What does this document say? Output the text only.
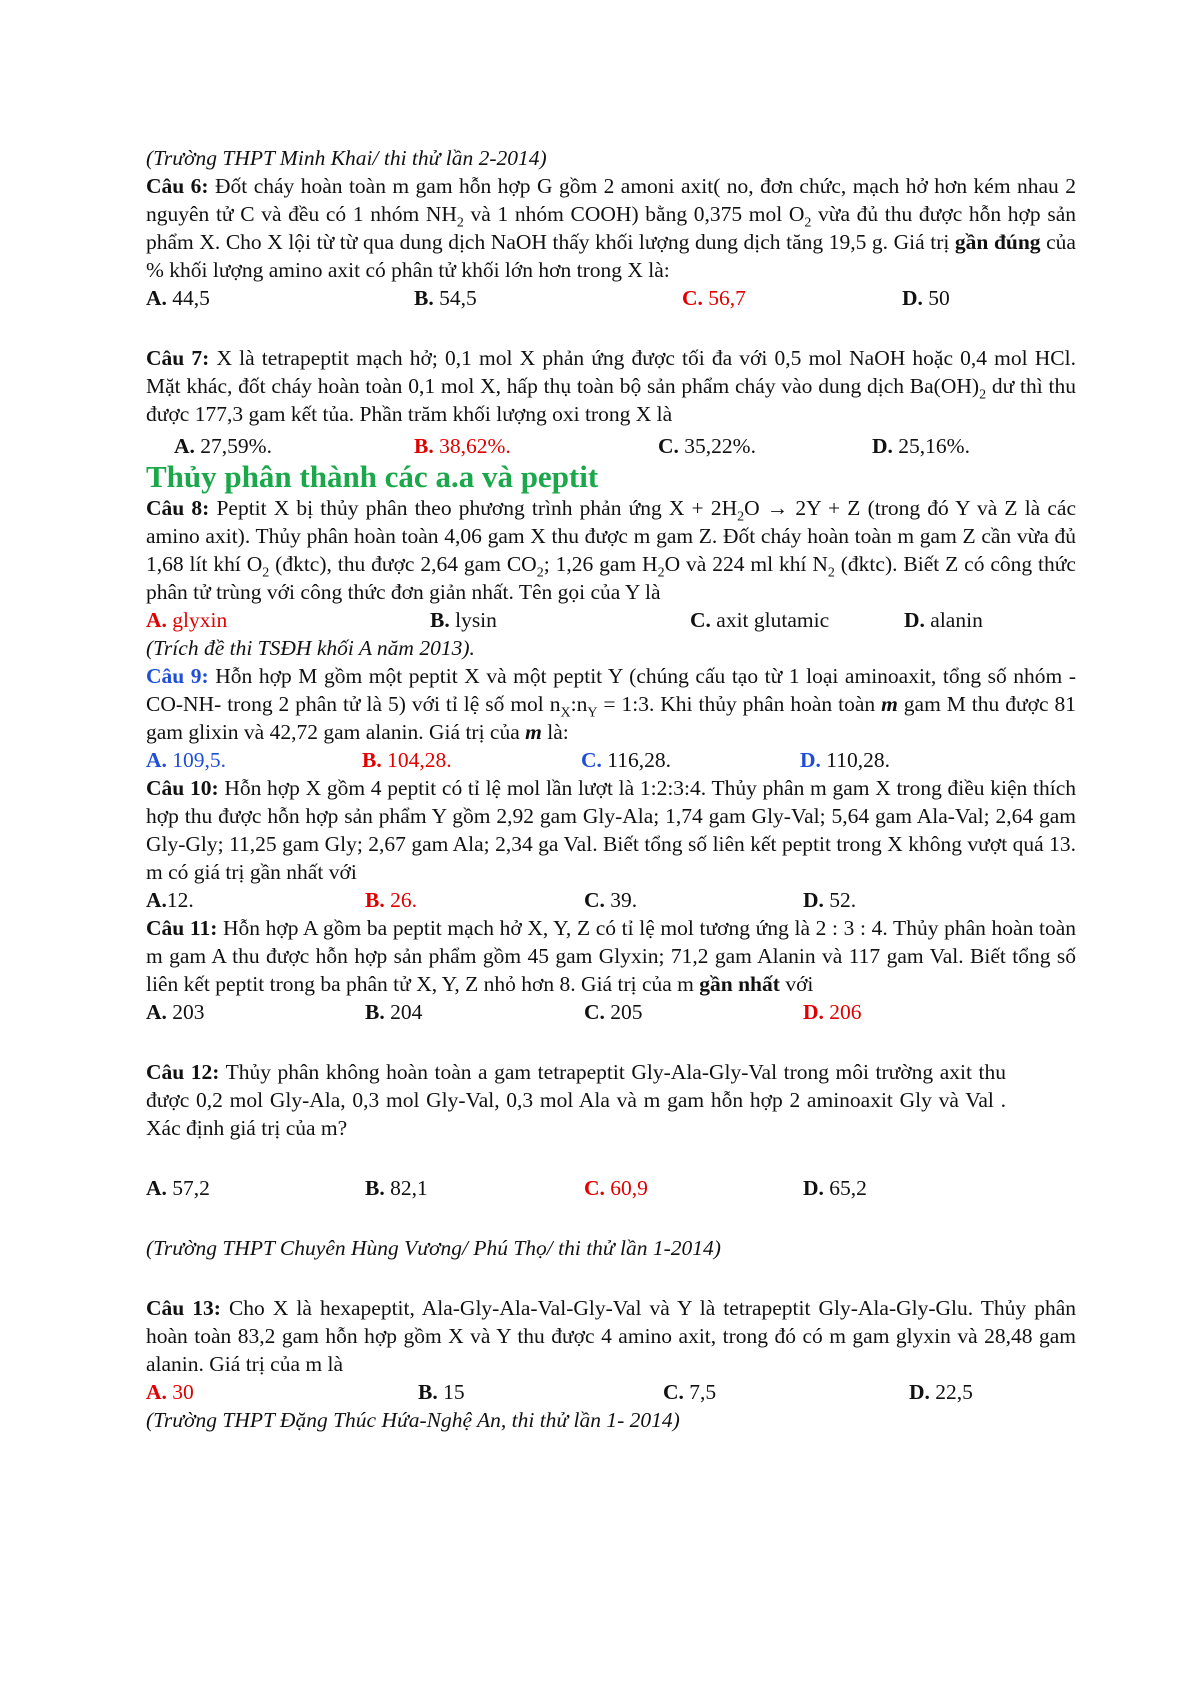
(Trường THPT Minh Khai/ thi thử lần 2-2014)

Câu 6: Đốt cháy hoàn toàn m gam hỗn hợp G gồm 2 amoni axit( no, đơn chức, mạch hở hơn kém nhau 2 nguyên tử C và đều có 1 nhóm $NH_2$ và 1 nhóm COOH) bằng 0,375 mol $O_2$ vừa đủ thu được hỗn hợp sản phẩm X. Cho X lội từ từ qua dung dịch NaOH thấy khối lượng dung dịch tăng 19,5 g. Giá trị gần đúng của % khối lượng amino axit có phân tử khối lớn hơn trong X là:

A. 44,5	B. 54,5	C. 56,7	D. 50

Câu 7: X là tetrapeptit mạch hở; 0,1 mol X phản ứng được tối đa với 0,5 mol NaOH hoặc 0,4 mol HCl. Mặt khác, đốt cháy hoàn toàn 0,1 mol X, hấp thụ toàn bộ sản phẩm cháy vào dung dịch $Ba(OH)_2$ dư thì thu được 177,3 gam kết tủa. Phần trăm khối lượng oxi trong X là

A. 27,59%.	B. 38,62%.	C. 35,22%.	D. 25,16%.
Thủy phân thành các a.a và peptit

Câu 8: Peptit X bị thủy phân theo phương trình phản ứng $X + 2H_2O \to 2Y + Z$ (trong đó Y và Z là các amino axit). Thủy phân hoàn toàn 4,06 gam X thu được m gam Z. Đốt cháy hoàn toàn m gam Z cần vừa đủ 1,68 lít khí $O_2$ (đktc), thu được 2,64 gam $CO_2$; 1,26 gam $H_2O$ và 224 ml khí $N_2$ (đktc). Biết Z có công thức phân tử trùng với công thức đơn giản nhất. Tên gọi của Y là

A. glyxin	B. lysin	C. axit glutamic	D. alanin

(Trích đề thi TSĐH khối A năm 2013).

Câu 9: Hỗn hợp M gồm một peptit X và một peptit Y (chúng cấu tạo từ 1 loại aminoaxit, tổng số nhóm -CO-NH- trong 2 phân tử là 5) với tỉ lệ số mol $n_X:n_Y$ = 1:3. Khi thủy phân hoàn toàn m gam M thu được 81 gam glixin và 42,72 gam alanin. Giá trị của m là:

A. 109,5.	B. 104,28.	C. 116,28.	D. 110,28.

Câu 10: Hỗn hợp X gồm 4 peptit có tỉ lệ mol lần lượt là 1:2:3:4. Thủy phân m gam X trong điều kiện thích hợp thu được hỗn hợp sản phẩm Y gồm 2,92 gam Gly-Ala; 1,74 gam Gly-Val; 5,64 gam Ala-Val; 2,64 gam Gly-Gly; 11,25 gam Gly; 2,67 gam Ala; 2,34 ga Val. Biết tổng số liên kết peptit trong X không vượt quá 13. m có giá trị gần nhất với

A.12.	B. 26.	C. 39.	D. 52.

Câu 11: Hỗn hợp A gồm ba peptit mạch hở X, Y, Z có tỉ lệ mol tương ứng là 2 : 3 : 4. Thủy phân hoàn toàn m gam A thu được hỗn hợp sản phẩm gồm 45 gam Glyxin; 71,2 gam Alanin và 117 gam Val. Biết tổng số liên kết peptit trong ba phân tử X, Y, Z nhỏ hơn 8. Giá trị của m gần nhất với

A. 203	B. 204	C. 205	D. 206

Câu 12: Thủy phân không hoàn toàn a gam tetrapeptit Gly-Ala-Gly-Val trong môi trường axit thu được 0,2 mol Gly-Ala, 0,3 mol Gly-Val, 0,3 mol Ala và m gam hỗn hợp 2 aminoaxit Gly và Val . Xác định giá trị của m?

A. 57,2	B. 82,1	C. 60,9	D. 65,2

(Trường THPT Chuyên Hùng Vương/ Phú Thọ/ thi thử lần 1-2014)

Câu 13: Cho X là hexapeptit, Ala-Gly-Ala-Val-Gly-Val và Y là tetrapeptit Gly-Ala-Gly-Glu. Thủy phân hoàn toàn 83,2 gam hỗn hợp gồm X và Y thu được 4 amino axit, trong đó có m gam glyxin và 28,48 gam alanin. Giá trị của m là

A. 30	B. 15	C. 7,5	D. 22,5

(Trường THPT Đặng Thúc Hứa-Nghệ An, thi thử lần 1- 2014)
